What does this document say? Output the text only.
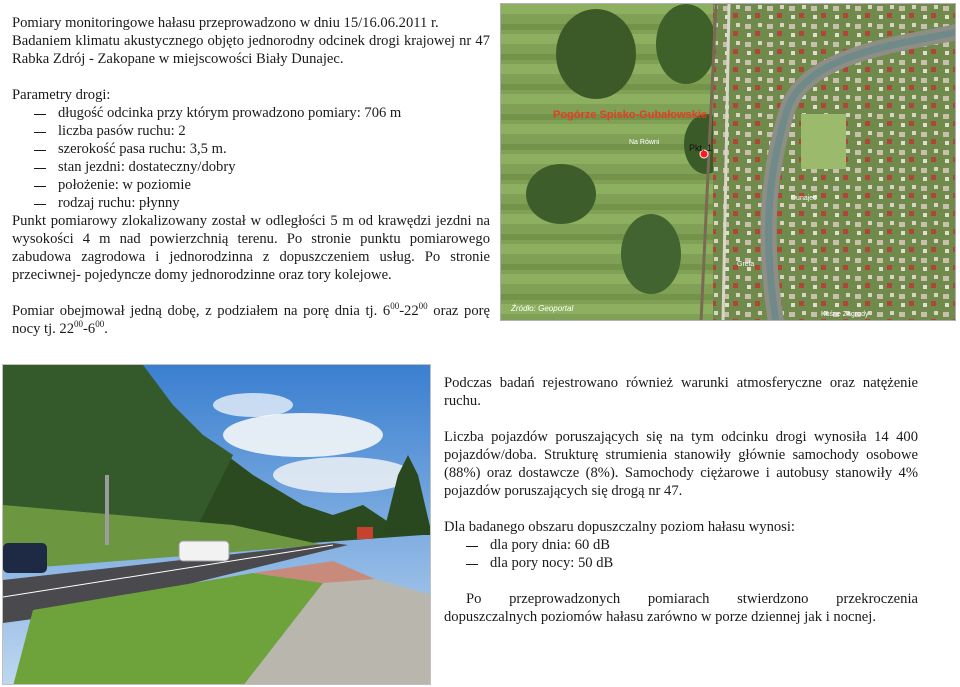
Pomiary monitoringowe hałasu przeprowadzono w dniu 15/16.06.2011 r.

Badaniem klimatu akustycznego objęto jednorodny odcinek drogi krajowej nr 47 Rabka Zdrój - Zakopane w miejscowości Biały Dunajec.

Parametry drogi:

długość odcinka przy którym prowadzono pomiary: 706 m
liczba pasów ruchu: 2
szerokość pasa ruchu: 3,5 m.
stan jezdni: dostateczny/dobry
położenie: w poziomie
rodzaj ruchu: płynny

Punkt pomiarowy zlokalizowany został w odległości 5 m od krawędzi jezdni na wysokości 4 m nad powierzchnią terenu. Po stronie punktu pomiarowego zabudowa zagrodowa i jednorodzinna z dopuszczeniem usług. Po stronie przeciwnej- pojedyncze domy jednorodzinne oraz tory kolejowe.

Pomiar obejmował jedną dobę, z podziałem na porę dnia tj. $6^{00}-22^{00}$ oraz porę nocy tj. $22^{00}-6^{00}$.

Pogórze Spisko-Gubałowskie
Pkt. 1
Na Równi
Dunajec
Grela
Kośne Zagrody
Źródło: Geoportal

Podczas badań rejestrowano również warunki atmosferyczne oraz natężenie ruchu.

Liczba pojazdów poruszających się na tym odcinku drogi wynosiła 14 400 pojazdów/doba. Strukturę strumienia stanowiły głównie samochody osobowe (88%) oraz dostawcze (8%). Samochody ciężarowe i autobusy stanowiły 4% pojazdów poruszających się drogą nr 47.

Dla badanego obszaru dopuszczalny poziom hałasu wynosi:

dla pory dnia: 60 dB
dla pory nocy: 50 dB

Po przeprowadzonych pomiarach stwierdzono przekroczenia dopuszczalnych poziomów hałasu zarówno w porze dziennej jak i nocnej.
